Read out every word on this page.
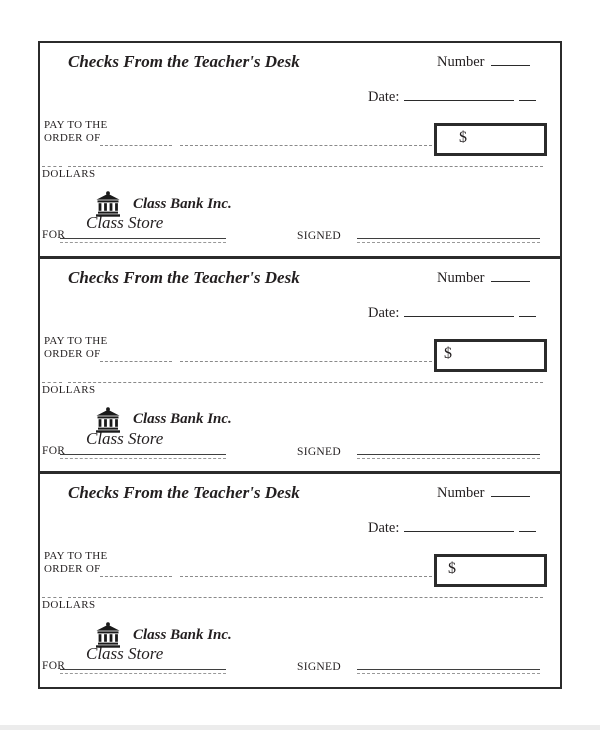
Checks From the Teacher's Desk	Number
Date:
PAY TO THE
ORDER OF	$
DOLLARS
Class Bank Inc.
FOR
Class Store
SIGNED
Checks From the Teacher's Desk	Number
Date:
PAY TO THE
ORDER OF	$
DOLLARS
Class Bank Inc.
FOR
Class Store
SIGNED
Checks From the Teacher's Desk	Number
Date:
PAY TO THE
ORDER OF	$
DOLLARS
Class Bank Inc.
FOR
Class Store
SIGNED
